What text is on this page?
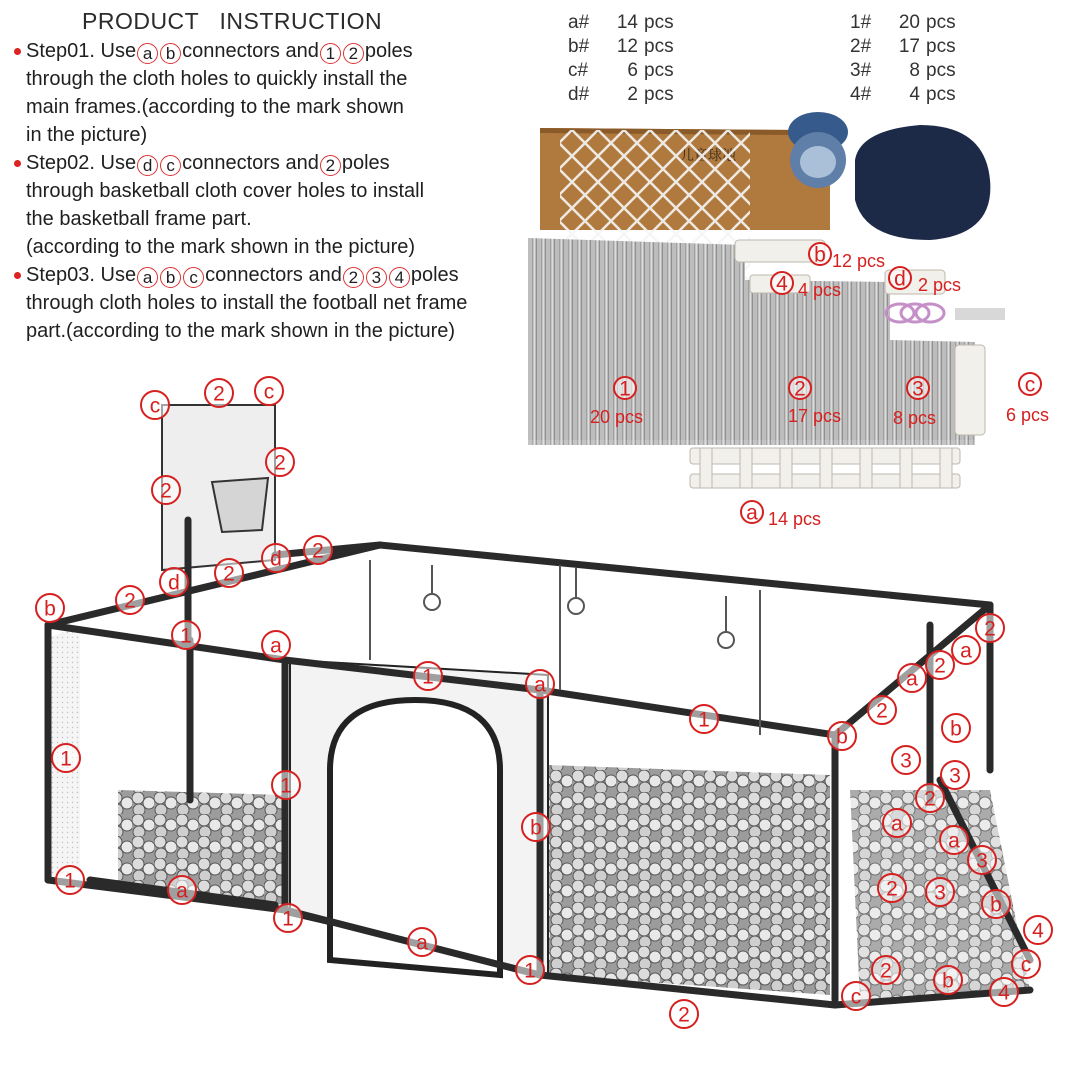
PRODUCT   INSTRUCTION
Step01. Use a b connectors and 1 2 poles
through the cloth holes to quickly install the
main frames.(according to the mark shown
in the picture)
Step02. Use d c connectors and 2 poles
through basketball cloth cover holes to install
the basketball frame part.
(according to the mark shown in the picture)
Step03. Use a b c connectors and 2 3 4 poles
through cloth holes to install the football net frame
part.(according to the mark shown in the picture)
a#	14 pcs
b#	12 pcs
c#	6 pcs
d#	2 pcs
1#	20 pcs
2#	17 pcs
3#	8 pcs
4#	4 pcs
c
2 c
2
2
d 2
2
d 2
b
1	a
1	a
1
1
1
b
1	a
1
a
1
b
2
a
2
a
2
b
3
3
a
2
a
3
2 3
b
4
c
2 b
4
c
2
b 12 pcs
4 4 pcs	d 2 pcs
1
20 pcs
2
17 pcs
3
8 pcs
c
6 pcs
a 14 pcs
